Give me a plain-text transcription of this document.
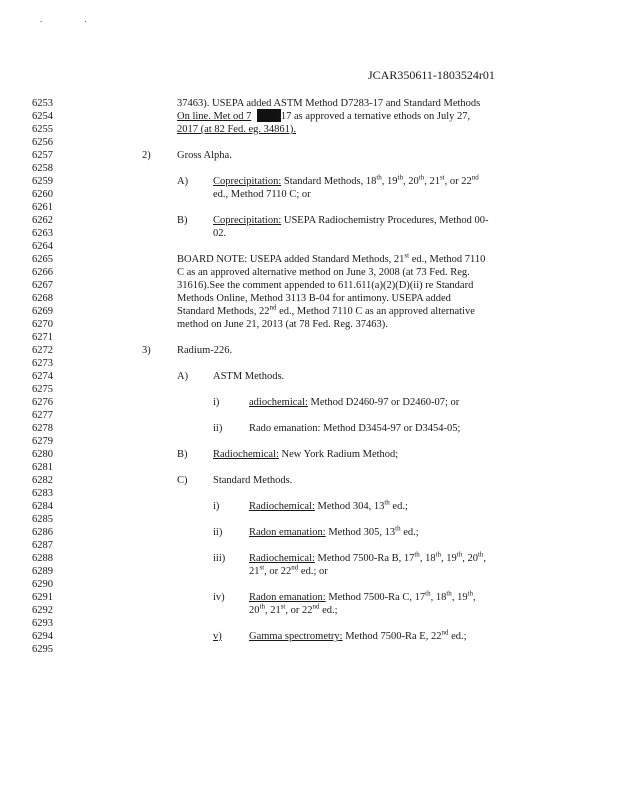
. .
JCAR350611-1803524r01
6253
6254
6255
6256
6257
6258
6259
6260
6261
6262
6263
6264
6265
6266
6267
6268
6269
6270
6271
6272
6273
6274
6275
6276
6277
6278
6279
6280
6281
6282
6283
6284
6285
6286
6287
6288
6289
6290
6291
6292
6293
6294
6295
37463). USEPA added ASTM Method D7283-17 and Standard Methods
On line. Met od 7 -17 as approved a ternative ethods on July 27,
2017 (at 82 Fed. eg. 34861).
2)	Gross Alpha.
A) Coprecipitation: Standard Methods, 18th, 19th, 20th, 21st, or 22nd
ed., Method 7110 C; or
B) Coprecipitation: USEPA Radiochemistry Procedures, Method 00-
02.
BOARD NOTE: USEPA added Standard Methods, 21st ed., Method 7110
C as an approved alternative method on June 3, 2008 (at 73 Fed. Reg.
31616).See the comment appended to 611.611(a)(2)(D)(ii) re Standard
Methods Online, Method 3113 B-04 for antimony. USEPA added
Standard Methods, 22nd ed., Method 7110 C as an approved alternative
method on June 21, 2013 (at 78 Fed. Reg. 37463).
3)	Radium-226.
A) ASTM Methods.
i)	adiochemical: Method D2460-97 or D2460-07; or
ii)	Rado emanation: Method D3454-97 or D3454-05;
B) Radiochemical: New York Radium Method;
C) Standard Methods.
i)	Radiochemical: Method 304, 13th ed.;
ii)	Radon emanation: Method 305, 13th ed.;
iii) Radiochemical: Method 7500-Ra B, 17th, 18th, 19th, 20th,
21st, or 22nd ed.; or
iv) Radon emanation: Method 7500-Ra C, 17th, 18th, 19th,
20th, 21st, or 22nd ed.;
v)	Gamma spectrometry: Method 7500-Ra E, 22nd ed.;
